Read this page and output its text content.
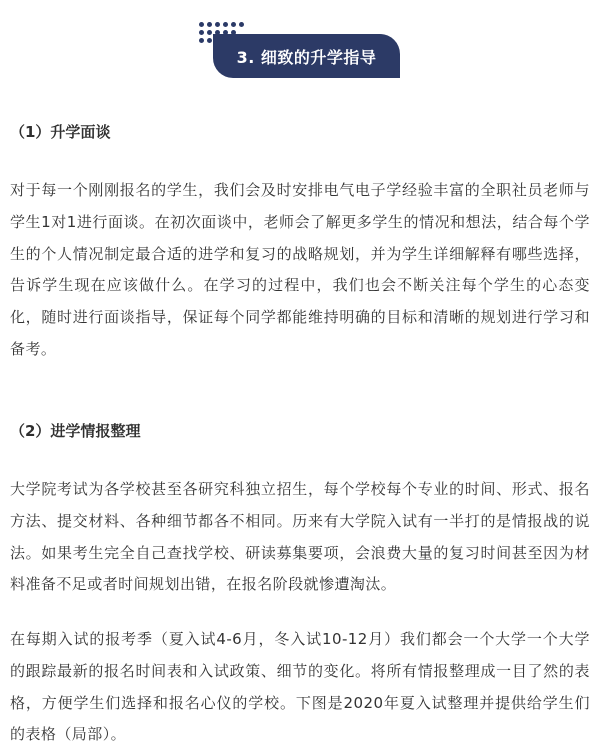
3. 细致的升学指导
（1）升学面谈
对于每一个刚刚报名的学生，我们会及时安排电气电子学经验丰富的全职社员老师与学生1对1进行面谈。在初次面谈中，老师会了解更多学生的情况和想法，结合每个学生的个人情况制定最合适的进学和复习的战略规划，并为学生详细解释有哪些选择，告诉学生现在应该做什么。在学习的过程中，我们也会不断关注每个学生的心态变化，随时进行面谈指导，保证每个同学都能维持明确的目标和清晰的规划进行学习和备考。
（2）进学情报整理
大学院考试为各学校甚至各研究科独立招生，每个学校每个专业的时间、形式、报名方法、提交材料、各种细节都各不相同。历来有大学院入试有一半打的是情报战的说法。如果考生完全自己查找学校、研读募集要项，会浪费大量的复习时间甚至因为材料准备不足或者时间规划出错，在报名阶段就惨遭淘汰。
在每期入试的报考季（夏入试4-6月，冬入试10-12月）我们都会一个大学一个大学的跟踪最新的报名时间表和入试政策、细节的变化。将所有情报整理成一目了然的表格，方便学生们选择和报名心仪的学校。下图是2020年夏入试整理并提供给学生们的表格（局部）。
